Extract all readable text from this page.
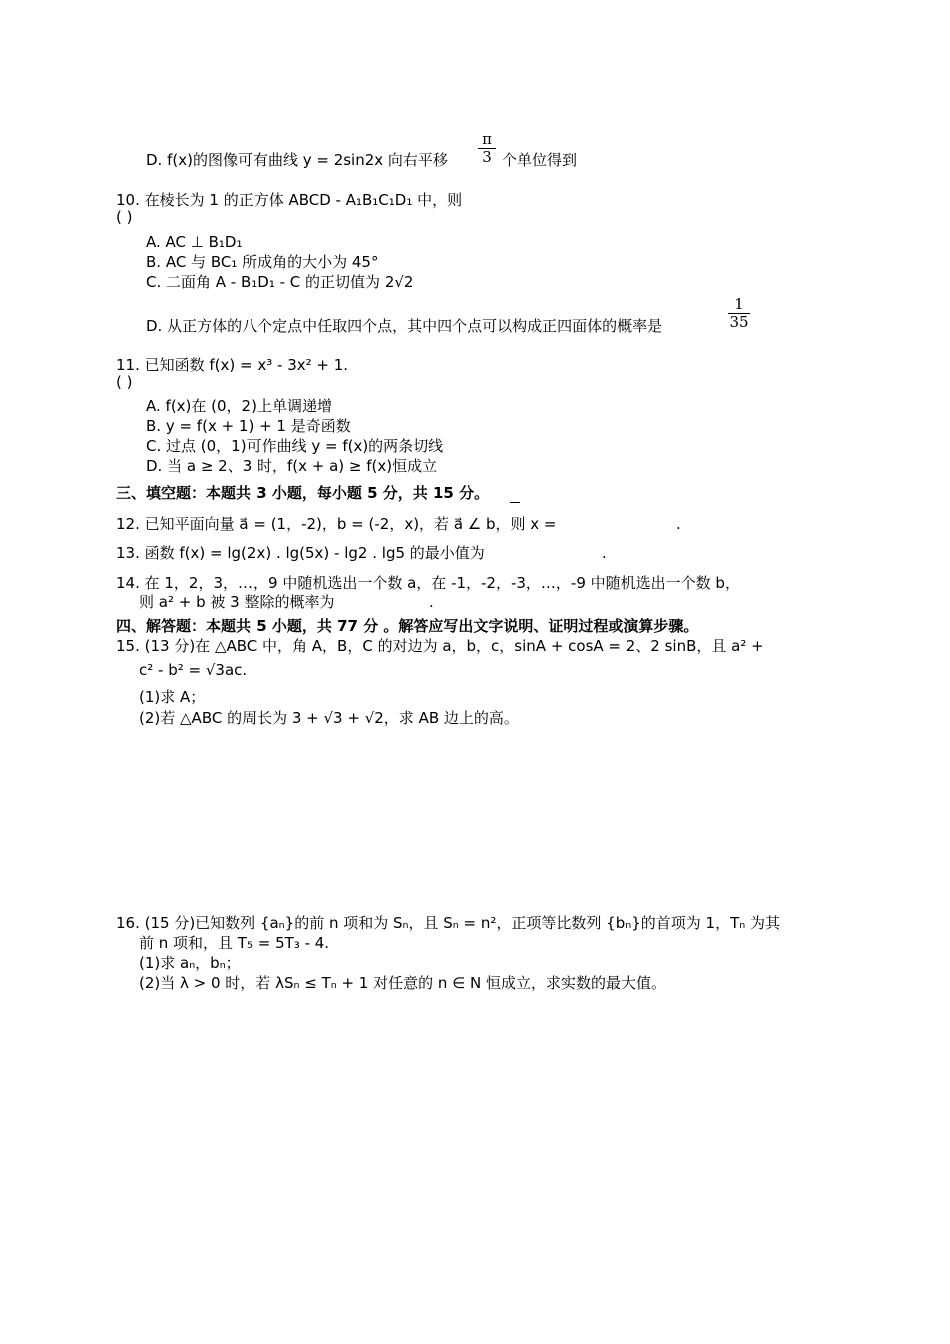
D. f(x)的图像可有曲线 y = 2sin2x 向右平移
π
3 个单位得到
10. 在棱长为 1 的正方体 ABCD - A₁B₁C₁D₁ 中，则
( )
A. AC ⊥ B₁D₁
B. AC 与 BC₁ 所成角的大小为 45°
C. 二面角 A - B₁D₁ - C 的正切值为 2√2
D. 从正方体的八个定点中任取四个点，其中四个点可以构成正四面体的概率是
1
35
11. 已知函数 f(x) = x³ - 3x² + 1.
( )
A. f(x)在 (0，2)上单调递增
B. y = f(x + 1) + 1 是奇函数
C. 过点 (0，1)可作曲线 y = f(x)的两条切线
D. 当 a ≥ 2、3 时，f(x + a) ≥ f(x)恒成立
三、填空题：本题共 3 小题，每小题 5 分，共 15 分。
12. 已知平面向量 a⃗ = (1，-2)，b = (-2，x)，若 a⃗ ∠ b，则 x =	.
13. 函数 f(x) = lg(2x) . lg(5x) - lg2 . lg5 的最小值为	.
14. 在 1，2，3，…，9 中随机选出一个数 a，在 -1，-2，-3，…，-9 中随机选出一个数 b，
则 a² + b 被 3 整除的概率为	.
四、解答题：本题共 5 小题，共 77 分 。解答应写出文字说明、证明过程或演算步骤。
15. (13 分)在 △ABC 中，角 A，B，C 的对边为 a，b，c，sinA + cosA = 2、2 sinB，且 a² +
c² - b² = √3ac.
(1)求 A；
(2)若 △ABC 的周长为 3 + √3 + √2，求 AB 边上的高。
16. (15 分)已知数列 {aₙ}的前 n 项和为 Sₙ，且 Sₙ = n²，正项等比数列 {bₙ}的首项为 1，Tₙ 为其
前 n 项和，且 T₅ = 5T₃ - 4.
(1)求 aₙ，bₙ；
(2)当 λ > 0 时，若 λSₙ ≤ Tₙ + 1 对任意的 n ∈ N 恒成立，求实数的最大值。
